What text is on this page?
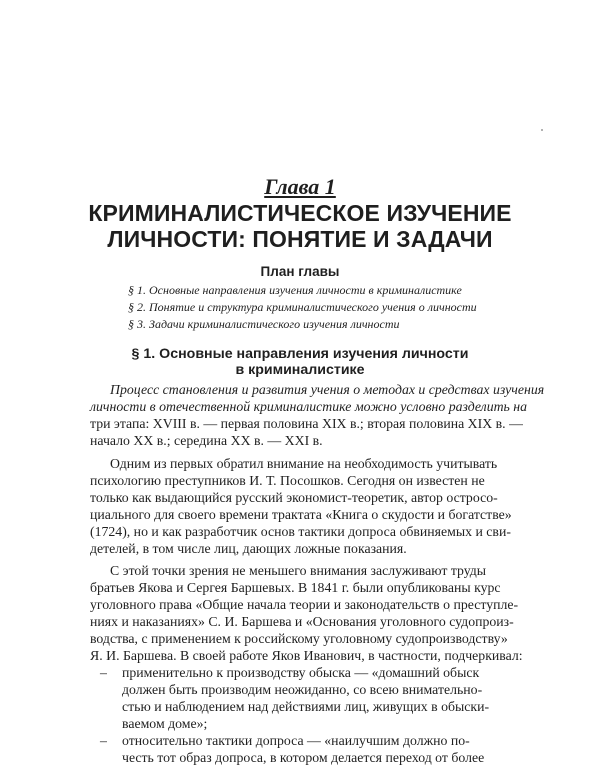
Глава 1
КРИМИНАЛИСТИЧЕСКОЕ ИЗУЧЕНИЕ
ЛИЧНОСТИ: ПОНЯТИЕ И ЗАДАЧИ
План главы
§ 1. Основные направления изучения личности в криминалистике
§ 2. Понятие и структура криминалистического учения о личности
§ 3. Задачи криминалистического изучения личности
§ 1. Основные направления изучения личности
в криминалистике
Процесс становления и развития учения о методах и средствах изучения
личности в отечественной криминалистике можно условно разделить на
три этапа: XVIII в. — первая половина XIX в.; вторая половина XIX в. —
начало XX в.; середина XX в. — XXI в.
Одним из первых обратил внимание на необходимость учитывать
психологию преступников И. Т. Посошков. Сегодня он известен не
только как выдающийся русский экономист-теоретик, автор остросо-
циального для своего времени трактата «Книга о скудости и богатстве»
(1724), но и как разработчик основ тактики допроса обвиняемых и сви-
детелей, в том числе лиц, дающих ложные показания.
С этой точки зрения не меньшего внимания заслуживают труды
братьев Якова и Сергея Баршевых. В 1841 г. были опубликованы курс
уголовного права «Общие начала теории и законодательств о преступле-
ниях и наказаниях» С. И. Баршева и «Основания уголовного судопроиз-
водства, с применением к российскому уголовному судопроизводству»
Я. И. Баршева. В своей работе Яков Иванович, в частности, подчеркивал:
– применительно к производству обыска — «домашний обыск
должен быть производим неожиданно, со всею внимательно-
стью и наблюдением над действиями лиц, живущих в обыски-
ваемом доме»;
– относительно тактики допроса — «наилучшим должно по-
честь тот образ допроса, в котором делается переход от более
